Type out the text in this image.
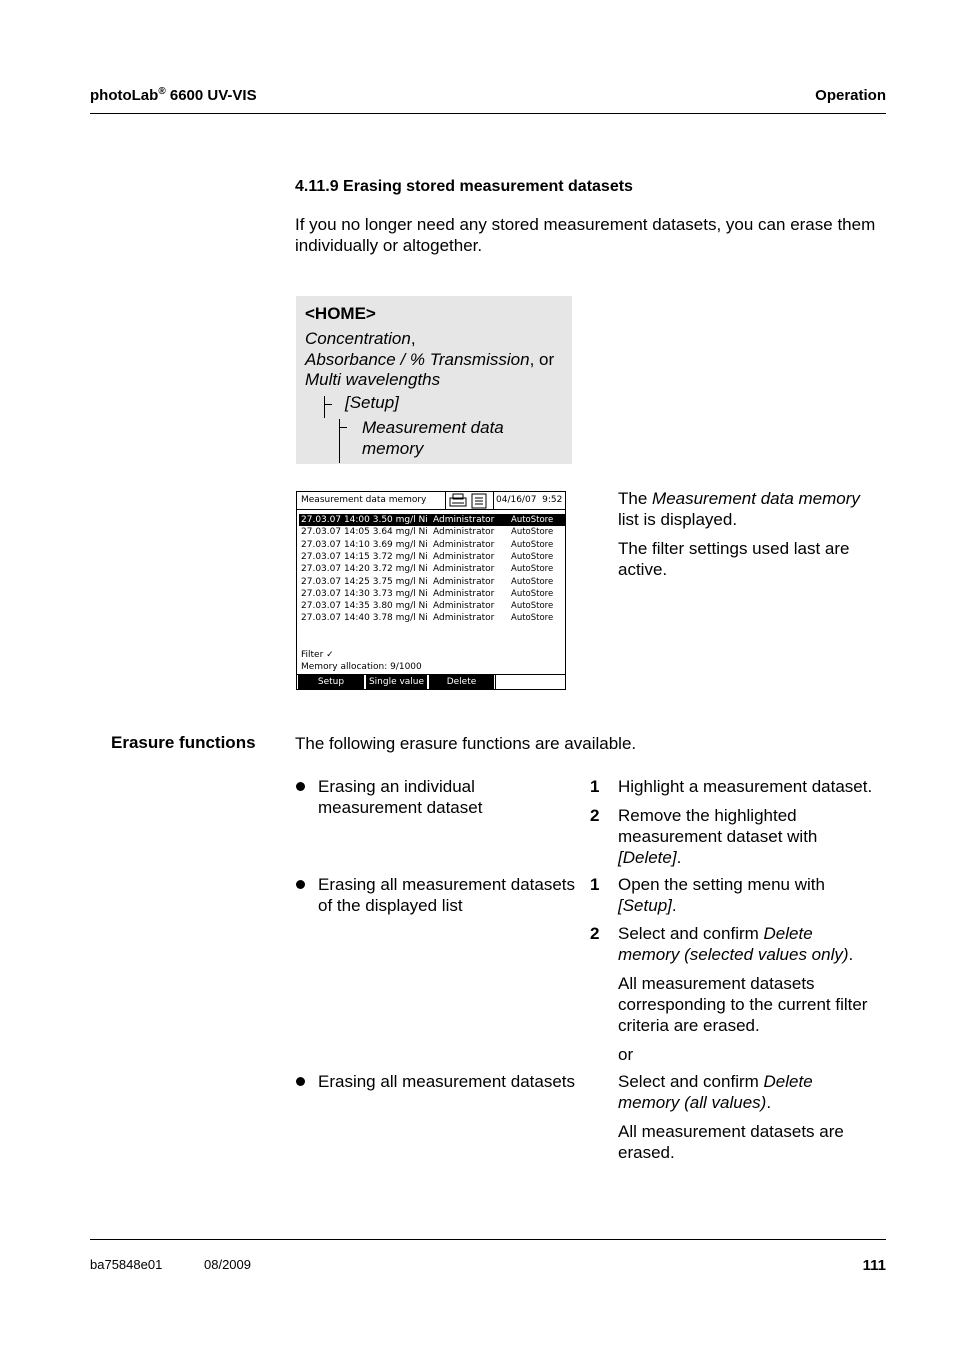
photoLab® 6600 UV-VIS	Operation
4.11.9 Erasing stored measurement datasets
If you no longer need any stored measurement datasets, you can erase them
individually or altogether.
<HOME>
Concentration,
Absorbance / % Transmission, or
Multi wavelengths
[Setup]
Measurement data
memory
Measurement data memory	04/16/07 9:52
27.03.07 14:00 3.50 mg/l Ni Administrator AutoStore
27.03.07 14:05 3.64 mg/l Ni Administrator AutoStore
27.03.07 14:10 3.69 mg/l Ni Administrator AutoStore
27.03.07 14:15 3.72 mg/l Ni Administrator AutoStore
27.03.07 14:20 3.72 mg/l Ni Administrator AutoStore
27.03.07 14:25 3.75 mg/l Ni Administrator AutoStore
27.03.07 14:30 3.73 mg/l Ni Administrator AutoStore
27.03.07 14:35 3.80 mg/l Ni Administrator AutoStore
27.03.07 14:40 3.78 mg/l Ni Administrator AutoStore
Filter ✓
Memory allocation: 9/1000
Setup	Single value	Delete
The Measurement data memory
list is displayed.
The filter settings used last are
active.
Erasure functions The following erasure functions are available.
Erasing an individual
measurement dataset
1 Highlight a measurement dataset.
2 Remove the highlighted
measurement dataset with
[Delete].
Erasing all measurement datasets
of the displayed list
1 Open the setting menu with
[Setup].
2 Select and confirm Delete
memory (selected values only).
All measurement datasets
corresponding to the current filter
criteria are erased.
or
Erasing all measurement datasets	Select and confirm Delete
memory (all values).
All measurement datasets are
erased.
ba75848e01	08/2009	111
